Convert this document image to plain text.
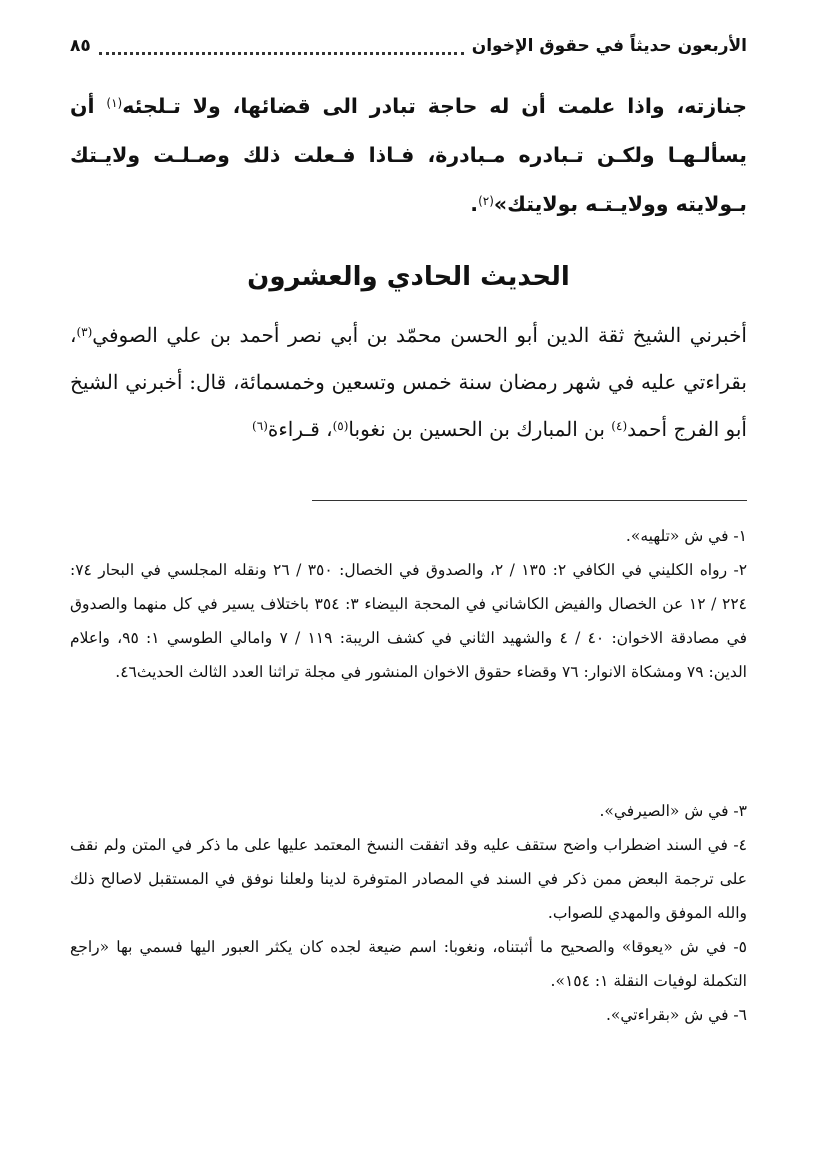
الأربعون حديثاً في حقوق الإخوان
٨٥
جنازته، واذا علمت أن له حاجة تبادر الى قضائها، ولا تـلجئه$^{(١)}$ أن يسألـهـا ولكـن تـبادره مـبادرة، فـاذا فـعلت ذلك وصـلـت ولايـتك بـولايته وولايـتـه بولايتك»$^{(٢)}$.
الحديث الحادي والعشرون
أخبرني الشيخ ثقة الدين أبو الحسن محمّد بن أبي نصر أحمد بن علي الصوفي$^{(٣)}$، بقراءتي عليه في شهر رمضان سنة خمس وتسعين وخمسمائة، قال: أخبرني الشيخ أبو الفرج أحمد$^{(٤)}$ بن المبارك بن الحسين بن نغوبا$^{(٥)}$، قـراءة$^{(٦)}$

١- في ش «تلهيه».

٢- رواه الكليني في الكافي ٢: ١٣٥ / ٢، والصدوق في الخصال: ٣٥٠ / ٢٦ ونقله المجلسي في البحار ٧٤: ٢٢٤ / ١٢ عن الخصال والفيض الكاشاني في المحجة البيضاء ٣: ٣٥٤ باختلاف يسير في كل منهما والصدوق في مصادقة الاخوان: ٤٠ / ٤ والشهيد الثاني في كشف الريبة: ١١٩ / ٧ وامالي الطوسي ١: ٩٥، واعلام الدين: ٧٩ ومشكاة الانوار: ٧٦ وقضاء حقوق الاخوان المنشور في مجلة تراثنا العدد الثالث الحديث٤٦.

٣- في ش «الصيرفي».

٤- في السند اضطراب واضح ستقف عليه وقد اتفقت النسخ المعتمد عليها على ما ذكر في المتن ولم نقف على ترجمة البعض ممن ذكر في السند في المصادر المتوفرة لدينا ولعلنا نوفق في المستقبل لاصالح ذلك والله الموفق والمهدي للصواب.

٥- في ش «يعوقا» والصحيح ما أثبتناه، ونغوبا: اسم ضيعة لجده كان يكثر العبور اليها فسمي بها «راجع التكملة لوفيات النقلة ١: ١٥٤».

٦- في ش «بقراءتي».
